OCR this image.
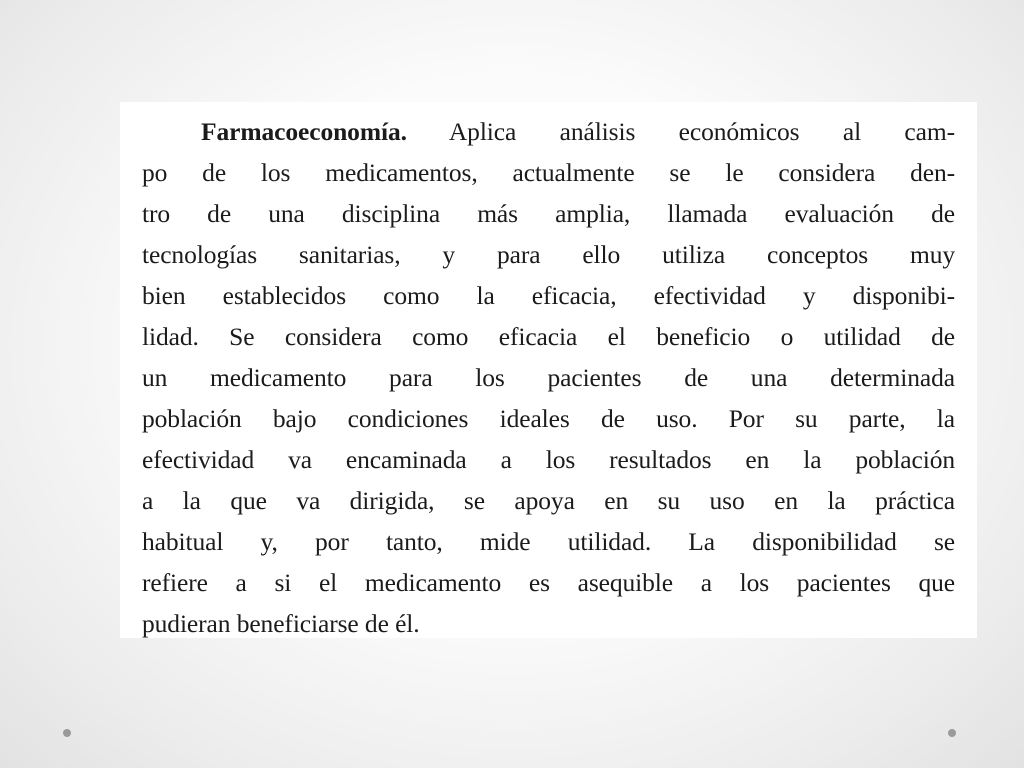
Farmacoeconomía. Aplica análisis económicos al cam-
po de los medicamentos, actualmente se le considera den-
tro de una disciplina más amplia, llamada evaluación de
tecnologías sanitarias, y para ello utiliza conceptos muy
bien establecidos como la eficacia, efectividad y disponibi-
lidad. Se considera como eficacia el beneficio o utilidad de
un medicamento para los pacientes de una determinada
población bajo condiciones ideales de uso. Por su parte, la
efectividad va encaminada a los resultados en la población
a la que va dirigida, se apoya en su uso en la práctica
habitual y, por tanto, mide utilidad. La disponibilidad se
refiere a si el medicamento es asequible a los pacientes que
pudieran beneficiarse de él.
